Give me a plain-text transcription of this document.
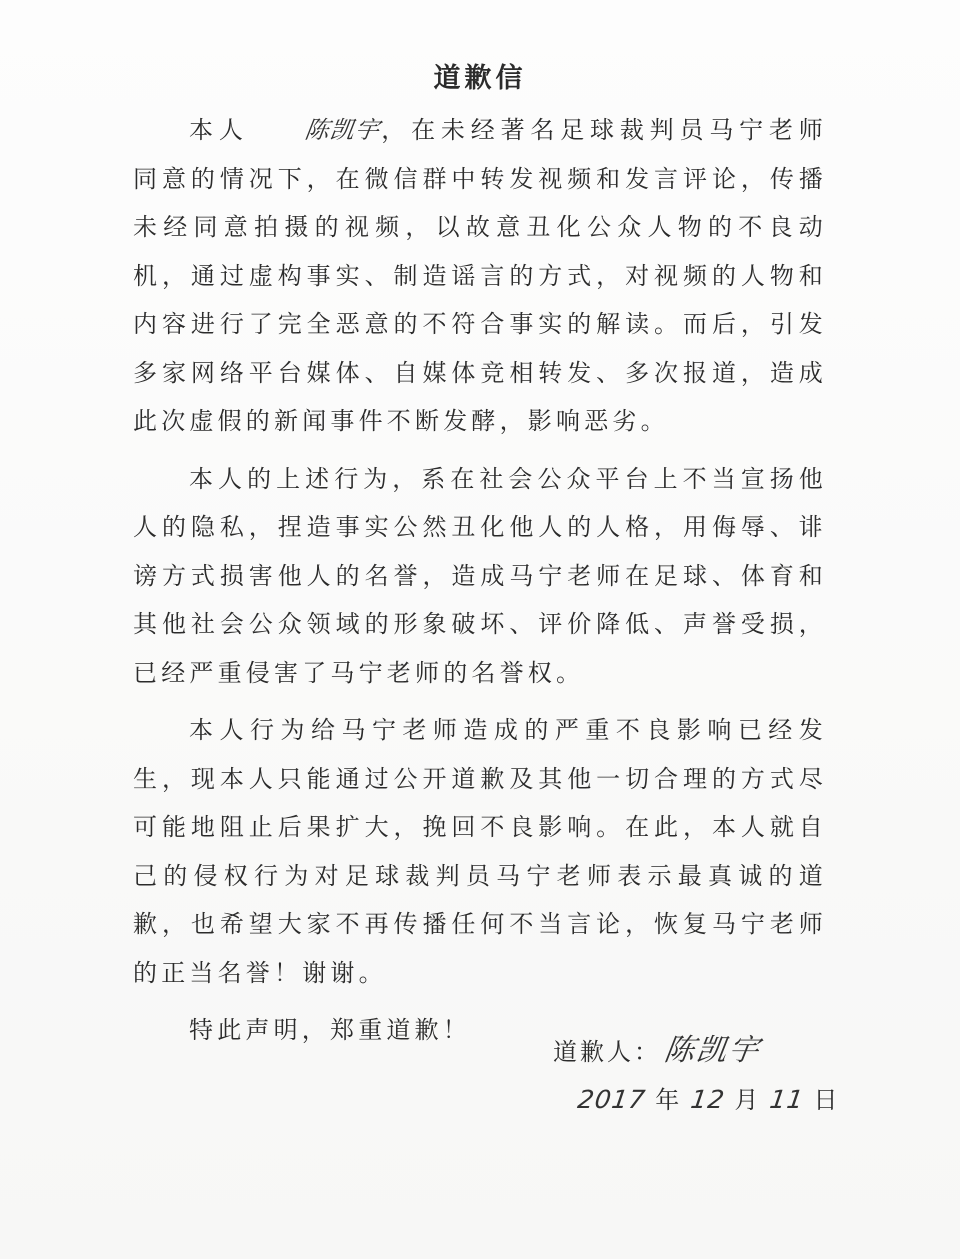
道歉信

本人 陈凯宇，在未经著名足球裁判员马宁老师同意的情况下，在微信群中转发视频和发言评论，传播未经同意拍摄的视频，以故意丑化公众人物的不良动机，通过虚构事实、制造谣言的方式，对视频的人物和内容进行了完全恶意的不符合事实的解读。而后，引发多家网络平台媒体、自媒体竞相转发、多次报道，造成此次虚假的新闻事件不断发酵，影响恶劣。

本人的上述行为，系在社会公众平台上不当宣扬他人的隐私，捏造事实公然丑化他人的人格，用侮辱、诽谤方式损害他人的名誉，造成马宁老师在足球、体育和其他社会公众领域的形象破坏、评价降低、声誉受损，已经严重侵害了马宁老师的名誉权。

本人行为给马宁老师造成的严重不良影响已经发生，现本人只能通过公开道歉及其他一切合理的方式尽可能地阻止后果扩大，挽回不良影响。在此，本人就自己的侵权行为对足球裁判员马宁老师表示最真诚的道歉，也希望大家不再传播任何不当言论，恢复马宁老师的正当名誉！谢谢。

特此声明，郑重道歉！

道歉人：陈凯宇
2017 年 12 月 11 日
